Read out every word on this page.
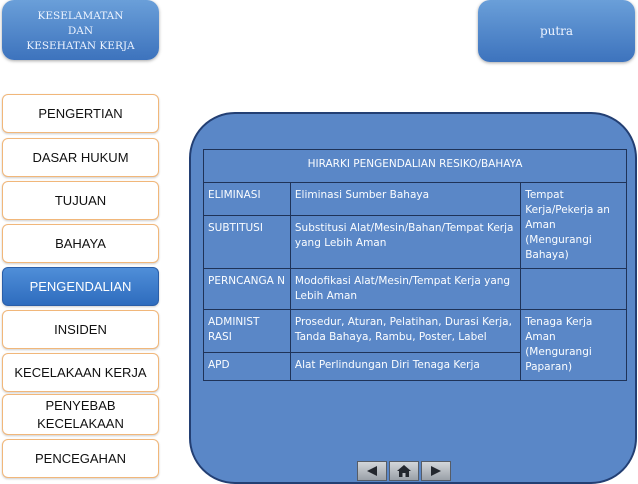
KESELAMATAN
DAN
KESEHATAN KERJA
putra
PENGERTIAN
DASAR HUKUM
TUJUAN
BAHAYA
PENGENDALIAN
INSIDEN
KECELAKAAN KERJA
PENYEBAB
KECELAKAAN
PENCEGAHAN
HIRARKI PENGENDALIAN RESIKO/BAHAYA		
ELIMINASI	Eliminasi Sumber Bahaya	Tempat Kerja/Pekerja an Aman (Mengurangi Bahaya)
SUBTITUSI	Substitusi Alat/Mesin/Bahan/Tempat Kerja yang Lebih Aman	
PERNCANGA N	Modofikasi Alat/Mesin/Tempat Kerja yang Lebih Aman	
ADMINIST RASI	Prosedur, Aturan, Pelatihan, Durasi Kerja, Tanda Bahaya, Rambu, Poster, Label	Tenaga Kerja Aman (Mengurangi Paparan)
APD	Alat Perlindungan Diri Tenaga Kerja	
